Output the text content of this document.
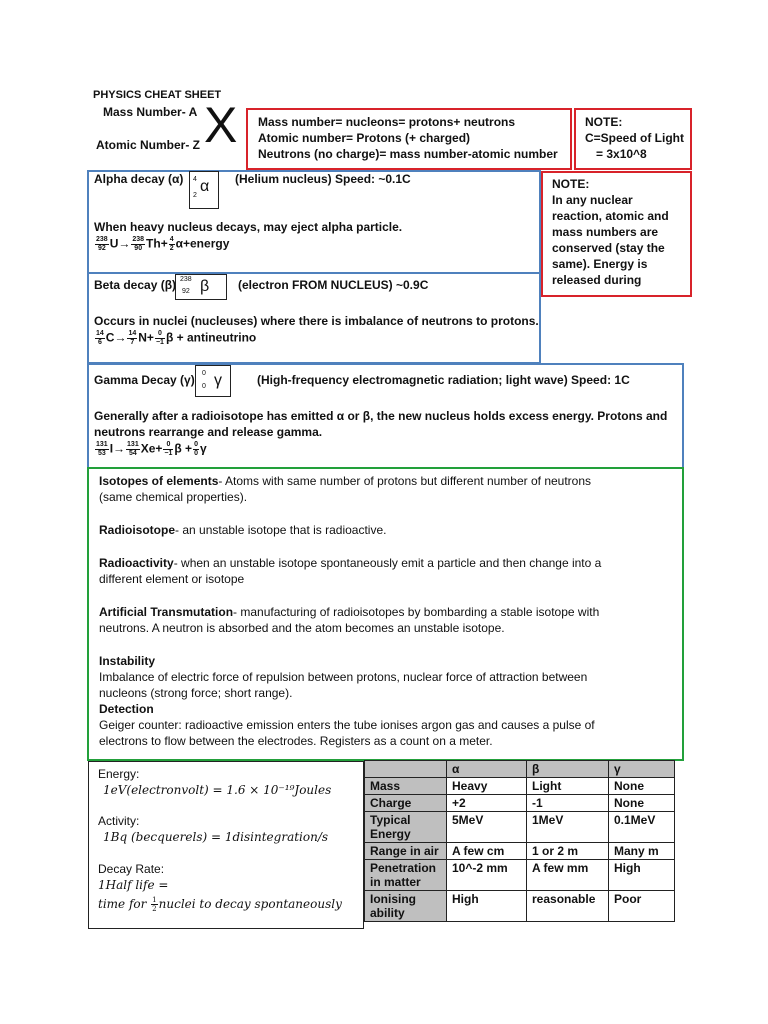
PHYSICS CHEAT SHEET
Mass Number- A
Atomic Number- Z X Mass number= nucleons= protons+ neutrons
Atomic number= Protons (+ charged)
Neutrons (no charge)= mass number-atomic number
NOTE:
C=Speed of Light
= 3x10^8
Alpha decay (α) 4
2
α (Helium nucleus) Speed: ~0.1C
When heavy nucleus decays, may eject alpha particle.
$\frac{238}{92} U\to \frac{238}{90} Th+ \frac{4}{2}$ α+energy
NOTE:
In any nuclear
reaction, atomic and
mass numbers are
conserved (stay the
same). Energy is
released during
Beta decay (β) 238
92 β (electron FROM NUCLEUS) ~0.9C
Occurs in nuclei (nucleuses) where there is imbalance of neutrons to protons.
$\frac{14}{6} C\to \frac{14}{7} N+ \frac{0}{-1}$ β + antineutrino
Gamma Decay (γ) 0
0 γ	(High-frequency electromagnetic radiation; light wave) Speed: 1C
Generally after a radioisotope has emitted α or β, the new nucleus holds excess energy. Protons and
neutrons rearrange and release gamma.
$\frac{131}{53} I\to \frac{131}{54} Xe+ \frac{0}{-1}$ $\beta + \frac{0}{0}$ γ
Isotopes of elements- Atoms with same number of protons but different number of neutrons
(same chemical properties).
Radioisotope- an unstable isotope that is radioactive.
Radioactivity- when an unstable isotope spontaneously emit a particle and then change into a
different element or isotope
Artificial Transmutation- manufacturing of radioisotopes by bombarding a stable isotope with
neutrons. A neutron is absorbed and the atom becomes an unstable isotope.
Instability
Imbalance of electric force of repulsion between protons, nuclear force of attraction between
nucleons (strong force; short range).
Detection
Geiger counter: radioactive emission enters the tube ionises argon gas and causes a pulse of
electrons to flow between the electrodes. Registers as a count on a meter.
Energy:
1eV(electronvolt) = 1.6 × 10⁻¹⁹Joules
Activity:
1Bq (becquerels) = 1disintegration/s
Decay Rate:
1Half life =
time for $\frac{1}{2}$ nuclei to decay spontaneously
	α	β	γ
Mass	Heavy	Light	None
Charge	+2	-1	None
Typical Energy	5MeV	1MeV	0.1MeV
Range in air	A few cm	1 or 2 m	Many m
Penetration in matter	10^-2 mm	A few mm	High
Ionising ability	High	reasonable	Poor
